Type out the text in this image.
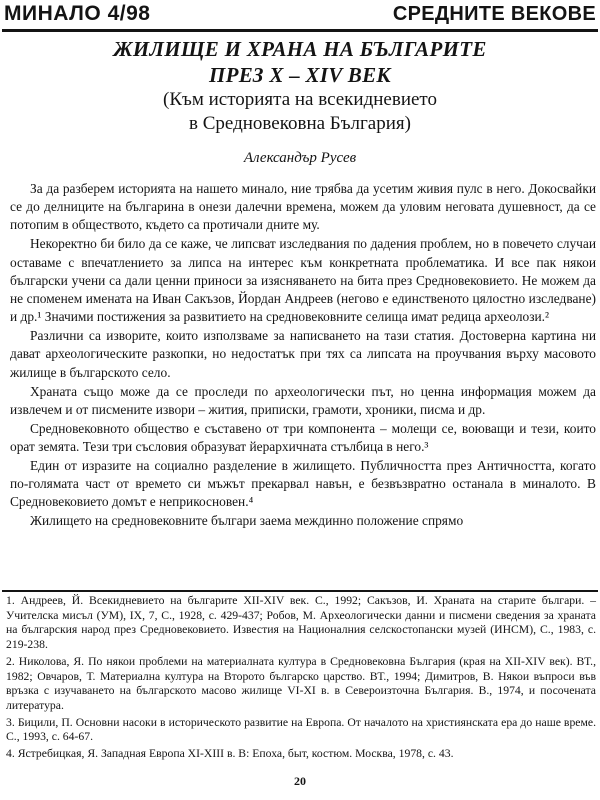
МИНАЛО 4/98	СРЕДНИТЕ ВЕКОВЕ
ЖИЛИЩЕ И ХРАНА НА БЪЛГАРИТЕ
ПРЕЗ X – XIV ВЕК
(Към историята на всекидневието
в Средновековна България)
Александър Русев

За да разберем историята на нашето минало, ние трябва да усетим живия пулс в него. Докосвайки се до делниците на българина в онези далечни времена, можем да уловим неговата душевност, да се потопим в обществото, където са протичали дните му.

Некоректно би било да се каже, че липсват изследвания по дадения проблем, но в повечето случаи оставаме с впечатлението за липса на интерес към конкретната проблематика. И все пак някои български учени са дали ценни приноси за изясняването на бита през Средновековието. Не можем да не споменем имената на Иван Сакъзов, Йордан Андреев (негово е единственото цялостно изследване) и др.¹ Значими постижения за развитието на средновековните селища имат редица археолози.²

Различни са изворите, които използваме за написването на тази статия. Достоверна картина ни дават археологическите разкопки, но недостатък при тях са липсата на проучвания върху масовото жилище в българското село.

Храната също може да се проследи по археологически път, но ценна информация можем да извлечем и от писмените извори – жития, приписки, грамоти, хроники, писма и др.

Средновековното общество е съставено от три компонента – молещи се, воюващи и тези, които орат земята. Тези три съсловия образуват йерархичната стълбица в него.³

Един от изразите на социално разделение в жилището. Публичността през Античността, когато по-голямата част от времето си мъжът прекарвал навън, е безвъзвратно останала в миналото. В Средновековието домът е неприкосновен.⁴

Жилището на средновековните българи заема междинно положение спрямо

1. Андреев, Й. Всекидневието на българите XII-XIV век. С., 1992; Сакъзов, И. Храната на старите българи. – Учителска мисъл (УМ), IX, 7, С., 1928, с. 429-437; Робов, М. Археологически данни и писмени сведения за храната на българския народ през Средновековието. Известия на Националния селскостопански музей (ИНСМ), С., 1983, с. 219-238.

2. Николова, Я. По някои проблеми на материалната култура в Средновековна България (края на XII-XIV век). ВТ., 1982; Овчаров, Т. Материална култура на Второто българско царство. ВТ., 1994; Димитров, В. Някои въпроси във връзка с изучаването на българското масово жилище VI-XI в. в Североизточна България. В., 1974, и посочената литература.

3. Бицили, П. Основни насоки в историческото развитие на Европа. От началото на християнската ера до наше време. С., 1993, с. 64-67.

4. Ястребицкая, Я. Западная Европа XI-XIII в. В: Епоха, быт, костюм. Москва, 1978, с. 43.

20
